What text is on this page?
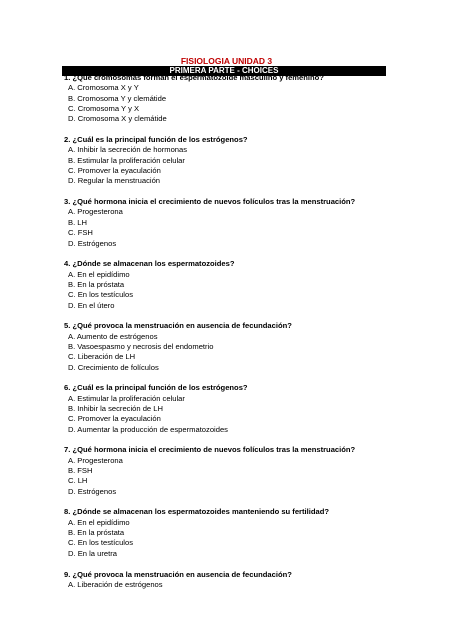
FISIOLOGIA UNIDAD 3
PRIMERA PARTE - CHOICES
1. ¿Qué cromosomas forman el espermatozoide masculino y femenino?
A. Cromosoma X y Y
B. Cromosoma Y y clemátide
C. Cromosoma Y y X
D. Cromosoma X y clemátide
2. ¿Cuál es la principal función de los estrógenos?
A. Inhibir la secreción de hormonas
B. Estimular la proliferación celular
C. Promover la eyaculación
D. Regular la menstruación
3. ¿Qué hormona inicia el crecimiento de nuevos folículos tras la menstruación?
A. Progesterona
B. LH
C. FSH
D. Estrógenos
4. ¿Dónde se almacenan los espermatozoides?
A. En el epidídimo
B. En la próstata
C. En los testículos
D. En el útero
5. ¿Qué provoca la menstruación en ausencia de fecundación?
A. Aumento de estrógenos
B. Vasoespasmo y necrosis del endometrio
C. Liberación de LH
D. Crecimiento de folículos
6. ¿Cuál es la principal función de los estrógenos?
A. Estimular la proliferación celular
B. Inhibir la secreción de LH
C. Promover la eyaculación
D. Aumentar la producción de espermatozoides
7. ¿Qué hormona inicia el crecimiento de nuevos folículos tras la menstruación?
A. Progesterona
B. FSH
C. LH
D. Estrógenos
8. ¿Dónde se almacenan los espermatozoides manteniendo su fertilidad?
A. En el epidídimo
B. En la próstata
C. En los testículos
D. En la uretra
9. ¿Qué provoca la menstruación en ausencia de fecundación?
A. Liberación de estrógenos
